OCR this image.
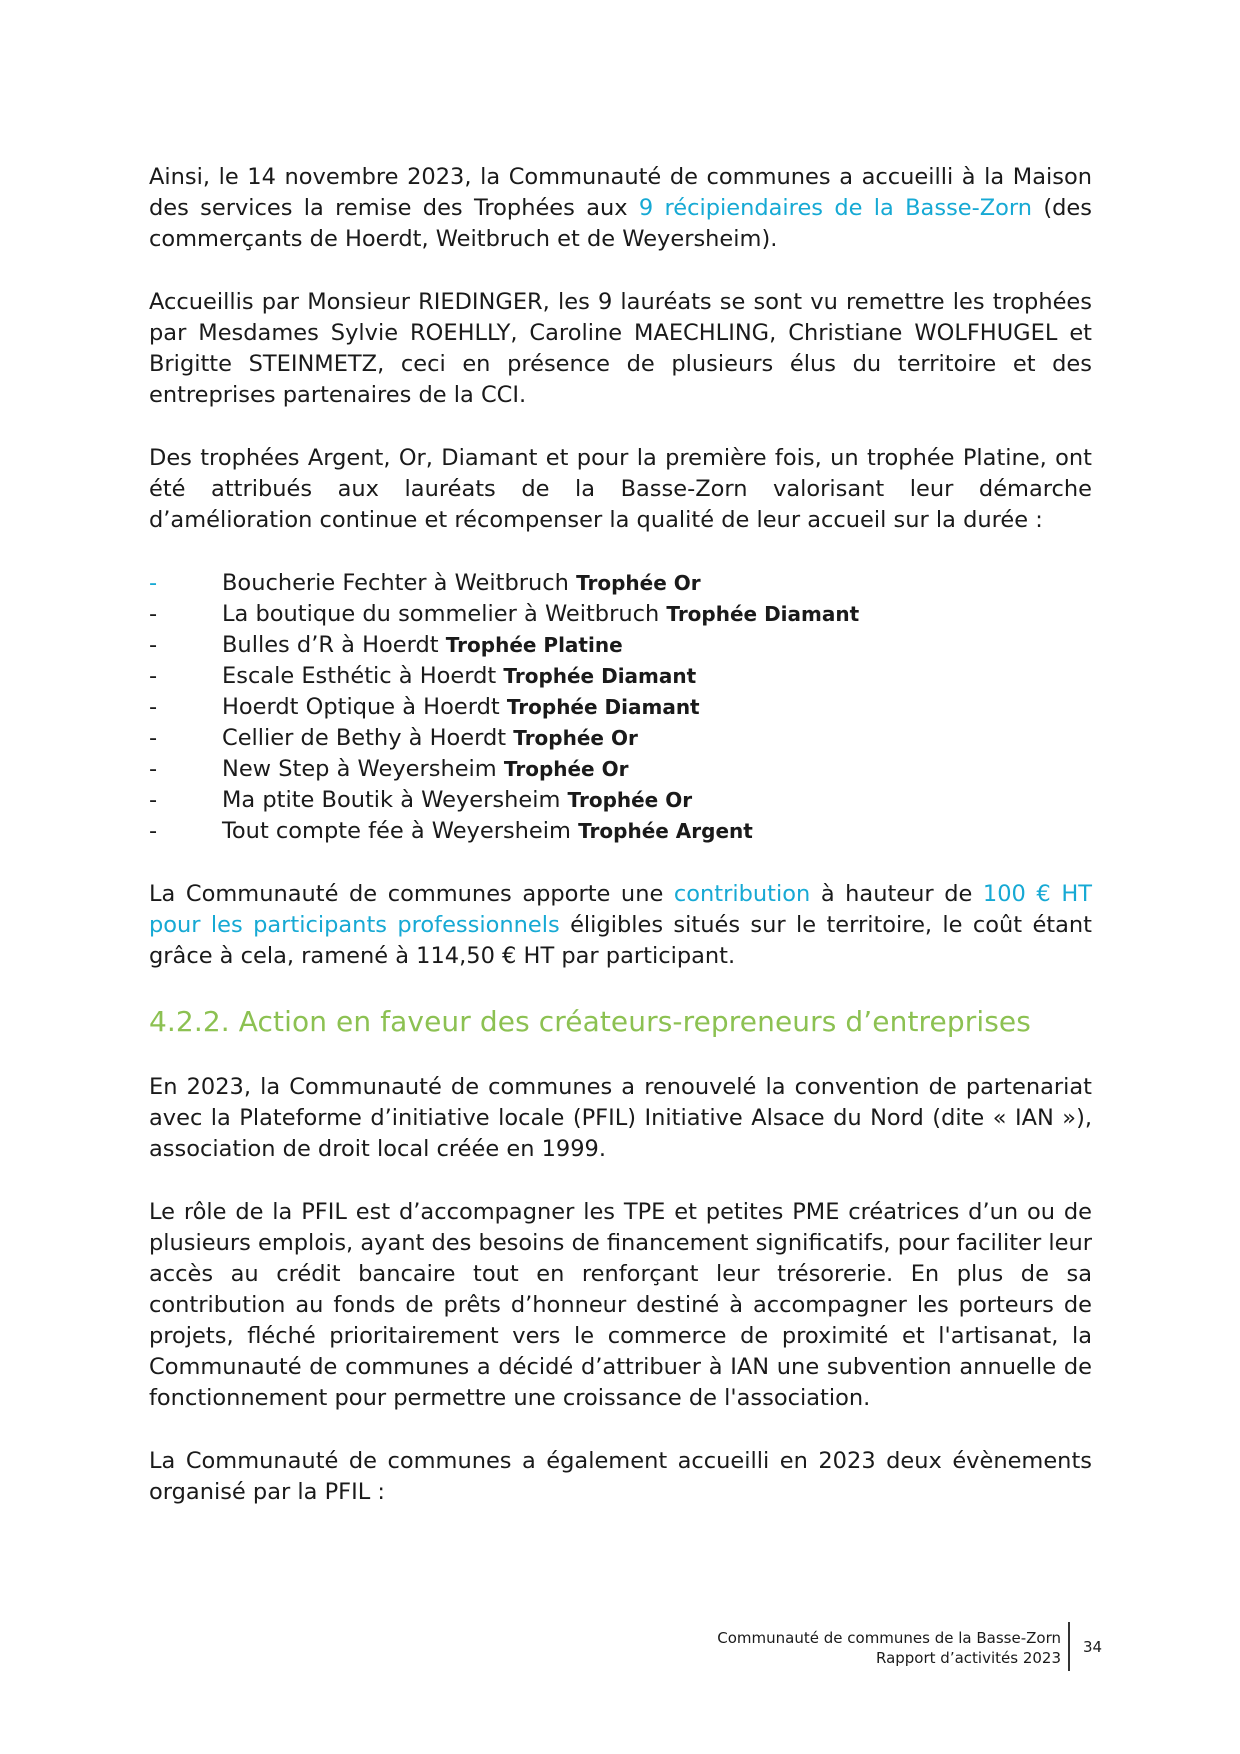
Ainsi, le 14 novembre 2023, la Communauté de communes a accueilli à la Maison des services la remise des Trophées aux 9 récipiendaires de la Basse-Zorn (des commerçants de Hoerdt, Weitbruch et de Weyersheim).

Accueillis par Monsieur RIEDINGER, les 9 lauréats se sont vu remettre les trophées par Mesdames Sylvie ROEHLLY, Caroline MAECHLING, Christiane WOLFHUGEL et Brigitte STEINMETZ, ceci en présence de plusieurs élus du territoire et des entreprises partenaires de la CCI.

Des trophées Argent, Or, Diamant et pour la première fois, un trophée Platine, ont été attribués aux lauréats de la Basse-Zorn valorisant leur démarche d’amélioration continue et récompenser la qualité de leur accueil sur la durée :

-	Boucherie Fechter à Weitbruch Trophée Or
-	La boutique du sommelier à Weitbruch Trophée Diamant
-	Bulles d’R à Hoerdt Trophée Platine
-	Escale Esthétic à Hoerdt Trophée Diamant
-	Hoerdt Optique à Hoerdt Trophée Diamant
-	Cellier de Bethy à Hoerdt Trophée Or
-	New Step à Weyersheim Trophée Or
-	Ma ptite Boutik à Weyersheim Trophée Or
-	Tout compte fée à Weyersheim Trophée Argent

La Communauté de communes apporte une contribution à hauteur de 100 € HT pour les participants professionnels éligibles situés sur le territoire, le coût étant grâce à cela, ramené à 114,50 € HT par participant.

4.2.2. Action en faveur des créateurs-repreneurs d’entreprises

En 2023, la Communauté de communes a renouvelé la convention de partenariat avec la Plateforme d’initiative locale (PFIL) Initiative Alsace du Nord (dite « IAN »), association de droit local créée en 1999.

Le rôle de la PFIL est d’accompagner les TPE et petites PME créatrices d’un ou de plusieurs emplois, ayant des besoins de financement significatifs, pour faciliter leur accès au crédit bancaire tout en renforçant leur trésorerie. En plus de sa contribution au fonds de prêts d’honneur destiné à accompagner les porteurs de projets, fléché prioritairement vers le commerce de proximité et l'artisanat, la Communauté de communes a décidé d’attribuer à IAN une subvention annuelle de fonctionnement pour permettre une croissance de l'association.

La Communauté de communes a également accueilli en 2023 deux évènements organisé par la PFIL :

Communauté de communes de la Basse-Zorn
Rapport d’activités 2023
34
